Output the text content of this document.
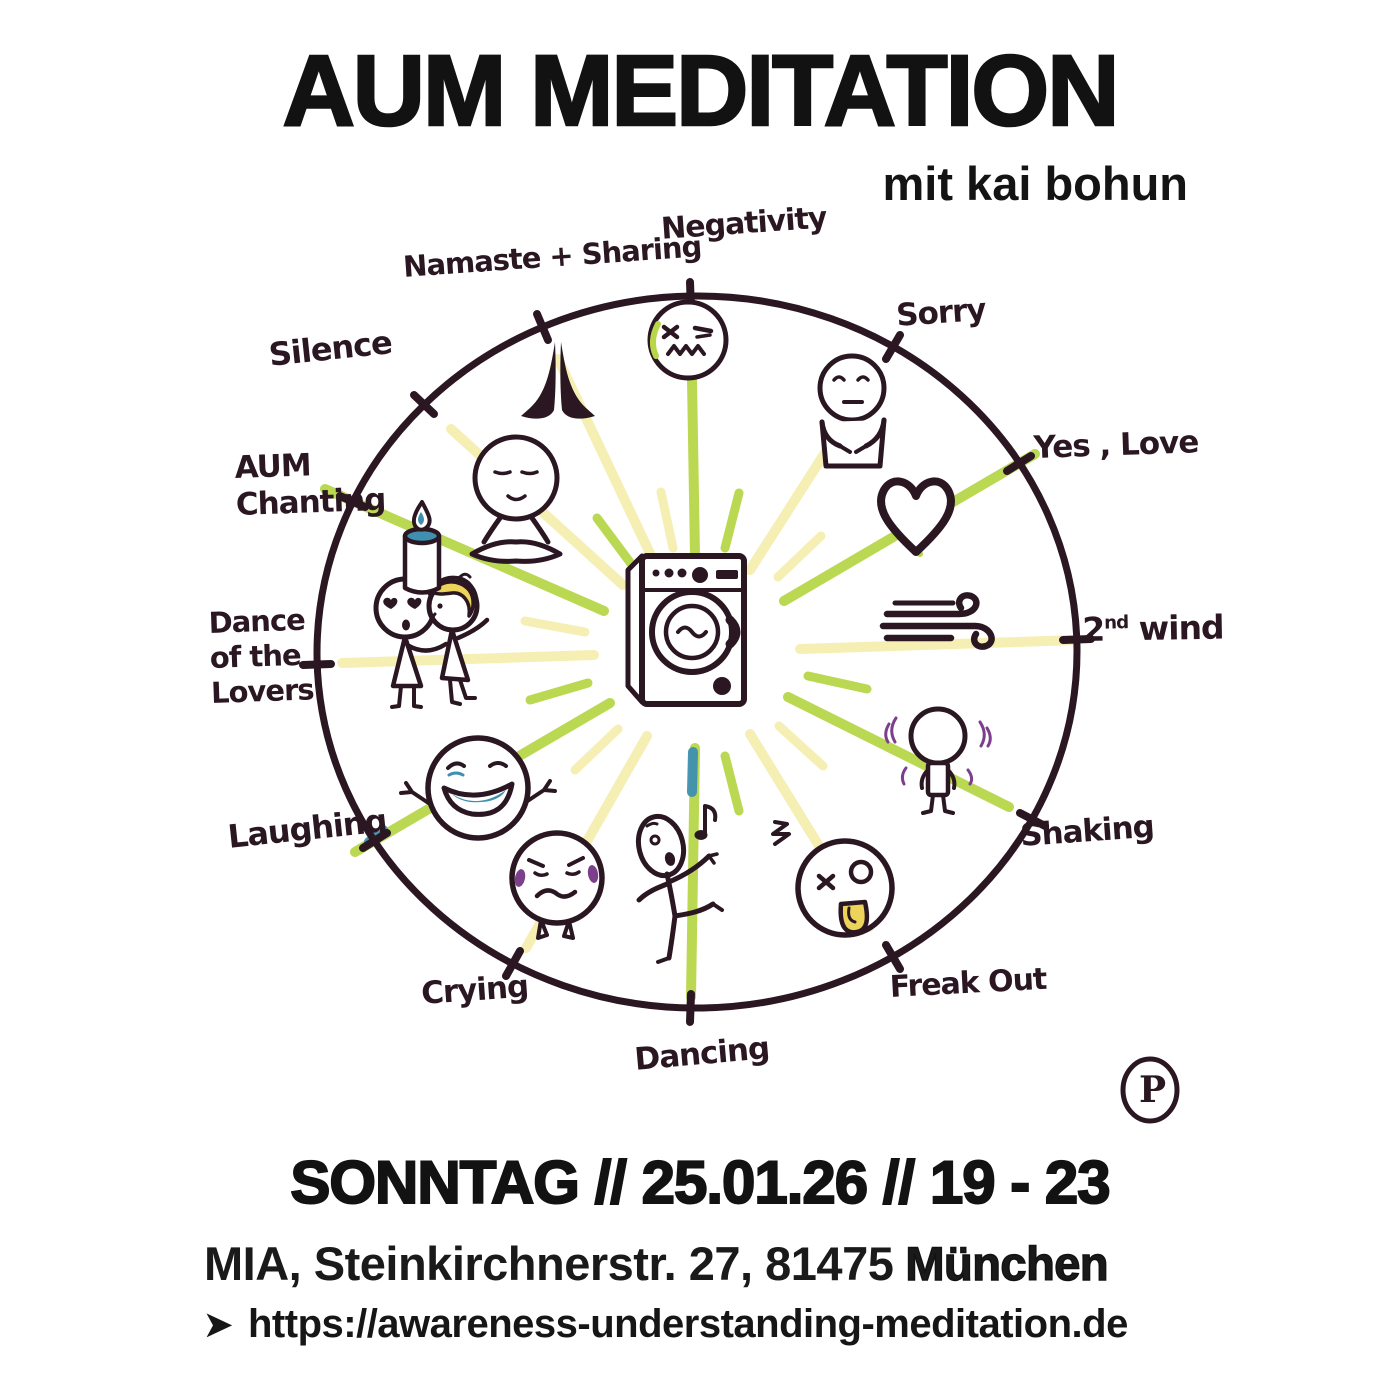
AUM MEDITATION
mit kai bohun
P
Negativity
Sorry
Yes , Love
2nd wind
Shaking
Freak Out
Dancing
Crying
Laughing
Dance
of the
Lovers
AUM
Chanting
Silence
Namaste + Sharing
SONNTAG // 25.01.26 // 19 - 23
MIA, Steinkirchnerstr. 27, 81475 München
➤ https://awareness-understanding-meditation.de
